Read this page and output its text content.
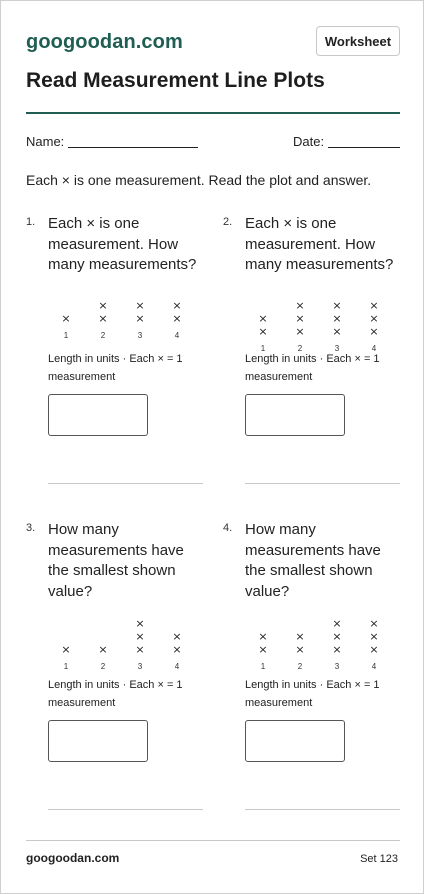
googoodan.com	Worksheet
Read Measurement Line Plots
Name:	Date:
Each × is one measurement. Read the plot and answer.
1. Each × is one measurement. How many measurements?
×
1
×
×
2
×
×
3
×
×
4
Length in units · Each × = 1 measurement
2. Each × is one measurement. How many measurements?
×
×
1
×
×
×
2
×
×
×
3
×
×
×
4
Length in units · Each × = 1 measurement
3. How many measurements have the smallest shown value?
×
1
×
2
×
×
×
3
×
×
4
Length in units · Each × = 1 measurement
4. How many measurements have the smallest shown value?
×
×
1
×
×
2
×
×
×
3
×
×
×
4
Length in units · Each × = 1 measurement
googoodan.com	Set 123
